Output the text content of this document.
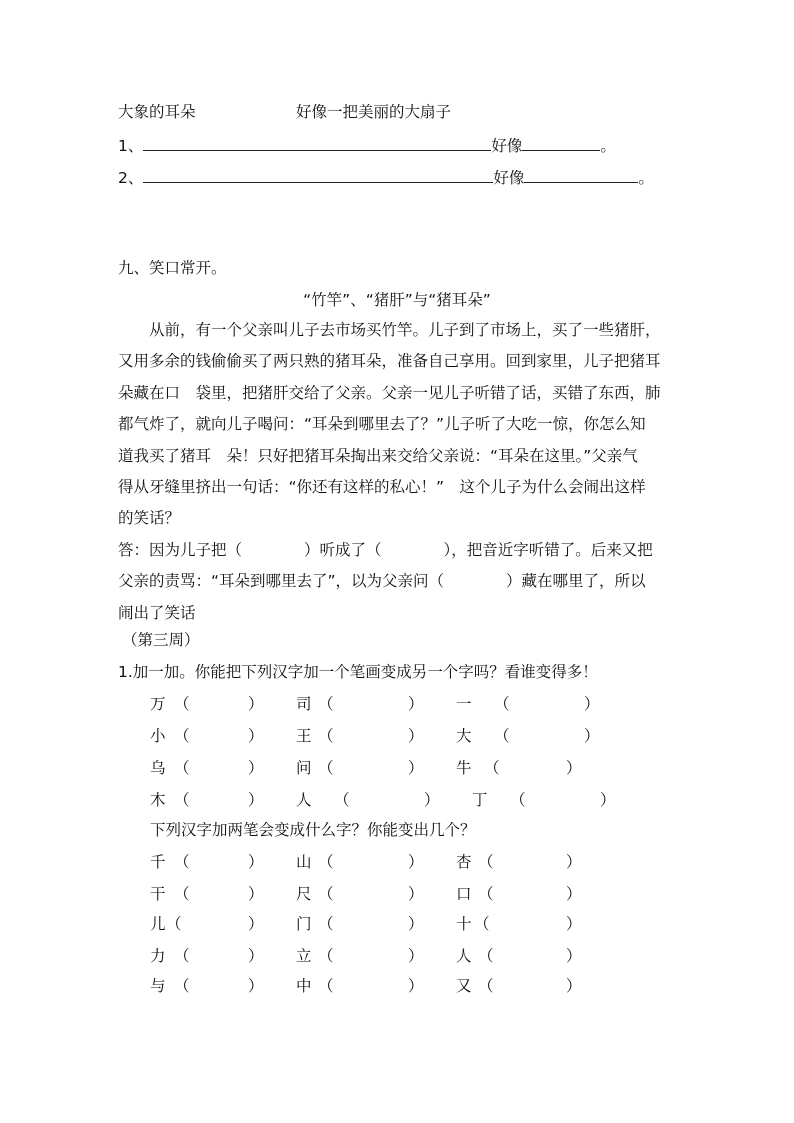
大象的耳朵	好像一把美丽的大扇子
1、	好像	。
2、	好像	。
九、笑口常开。
“竹竿”、“猪肝”与“猪耳朵”
从前，有一个父亲叫儿子去市场买竹竿。儿子到了市场上，买了一些猪肝，
又用多余的钱偷偷买了两只熟的猪耳朵，准备自己享用。回到家里，儿子把猪耳
朵藏在口　袋里，把猪肝交给了父亲。父亲一见儿子听错了话，买错了东西，肺
都气炸了，就向儿子喝问：“耳朵到哪里去了？”儿子听了大吃一惊，你怎么知
道我买了猪耳　朵！只好把猪耳朵掏出来交给父亲说：“耳朵在这里。”父亲气
得从牙缝里挤出一句话：“你还有这样的私心！”　这个儿子为什么会闹出这样
的笑话？
答：因为儿子把（　　　　）听成了（　　　　），把音近字听错了。后来又把
父亲的责骂：“耳朵到哪里去了”，以为父亲问（　　　　）藏在哪里了，所以
闹出了笑话
（第三周）
1.加一加。你能把下列汉字加一个笔画变成另一个字吗？看谁变得多！
万 （	） 司 （	） 一 （	）
小 （	） 王 （	） 大 （	）
乌 （	） 问 （	） 牛 （	）
木 （	） 人 （	） 丁 （	）
下列汉字加两笔会变成什么字？你能变出几个？
千 （	） 山 （	） 杏 （	）
干 （	） 尺 （	） 口 （	）
儿 （	） 门 （	） 十 （	）
力 （	） 立 （	） 人 （	）
与 （	） 中 （	） 又 （	）
